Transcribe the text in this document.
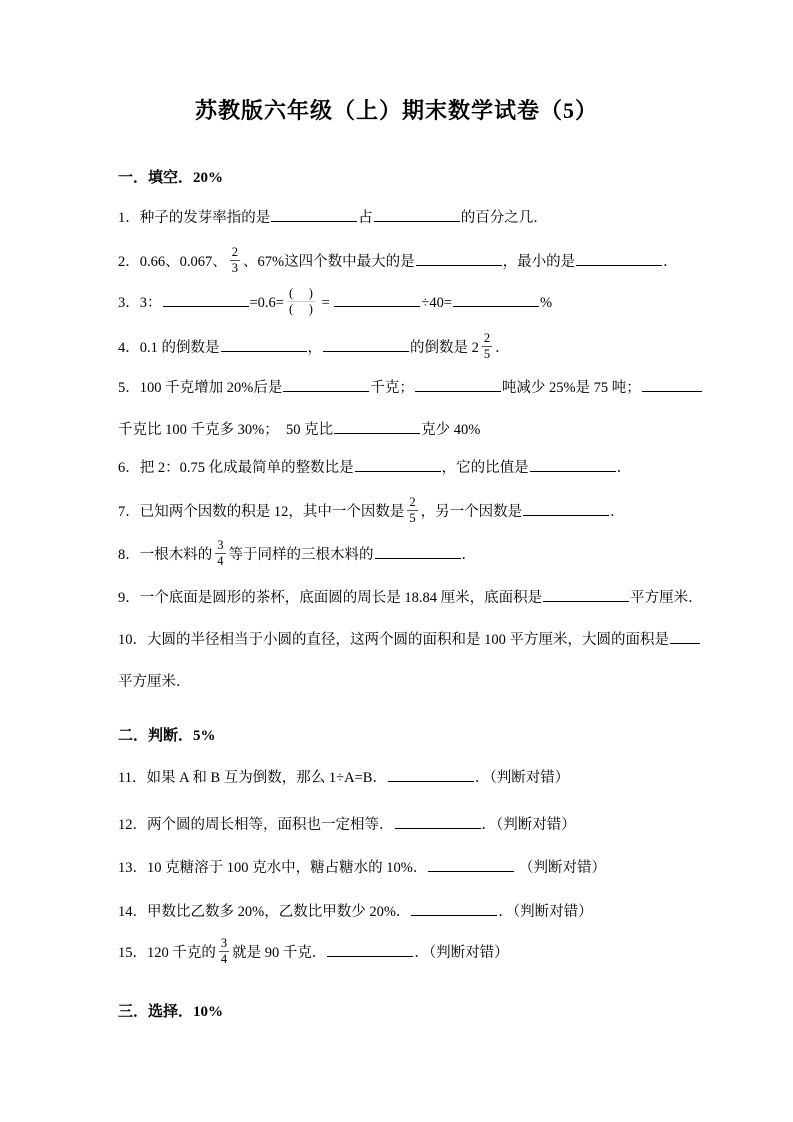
苏教版六年级（上）期末数学试卷（5）
一．填空．20%
1．种子的发芽率指的是	占	的百分之几．
2．0.66、0.067、 $\frac{2}{3}$ 、67%这四个数中最大的是	，最小的是	．
3．3：	$=0.6= \frac{( )}{( )}$ =	÷40=	%
4．0.1 的倒数是	，	的倒数是 $2 \frac{2}{5}$ ．
5．100 千克增加 20%后是	千克；	吨减少 25%是 75 吨；
千克比 100 千克多 30%；  50 克比	克少 40%
6．把 2：0.75 化成最简单的整数比是	，它的比值是	．
7．已知两个因数的积是 12，其中一个因数是 $\frac{2}{5}$ ，另一个因数是	．
8．一根木料的 $\frac{3}{4}$ 等于同样的三根木料的	．
9．一个底面是圆形的茶杯，底面圆的周长是 18.84 厘米，底面积是	平方厘米．
10．大圆的半径相当于小圆的直径，这两个圆的面积和是 100 平方厘米，大圆的面积是
平方厘米．
二．判断．5%
11．如果 A 和 B 互为倒数，那么 1÷A=B．	．（判断对错）
12．两个圆的周长相等，面积也一定相等．	．（判断对错）
13．10 克糖溶于 100 克水中，糖占糖水的 10%．	（判断对错）
14．甲数比乙数多 20%，乙数比甲数少 20%．	．（判断对错）
15．120 千克的 $\frac{3}{4}$ 就是 90 千克．	．（判断对错）
三．选择．10%
